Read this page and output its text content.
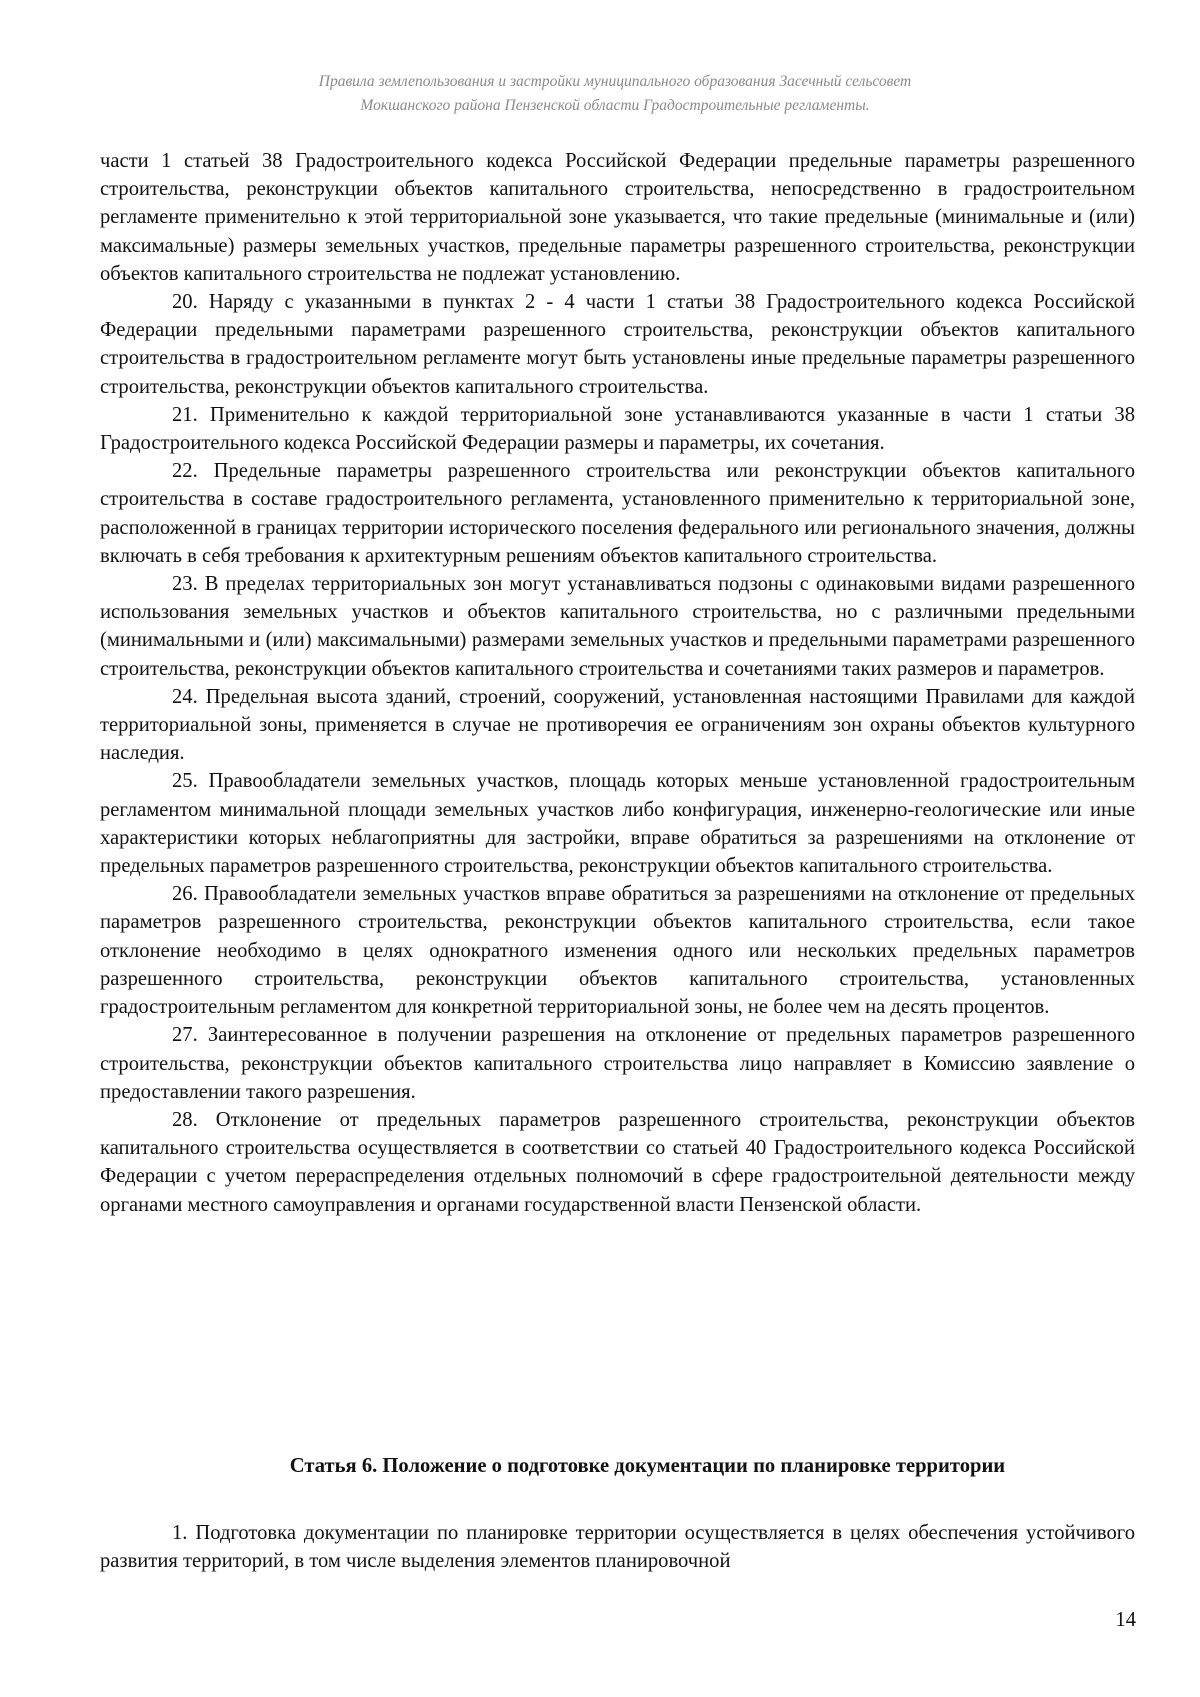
Правила землепользования и застройки муниципального образования Засечный сельсовет
Мокшанского района Пензенской области Градостроительные регламенты.

части 1 статьей 38 Градостроительного кодекса Российской Федерации предельные параметры разрешенного строительства, реконструкции объектов капитального строительства, непосредственно в градостроительном регламенте применительно к этой территориальной зоне указывается, что такие предельные (минимальные и (или) максимальные) размеры земельных участков, предельные параметры разрешенного строительства, реконструкции объектов капитального строительства не подлежат установлению.

20. Наряду с указанными в пунктах 2 - 4 части 1 статьи 38 Градостроительного кодекса Российской Федерации предельными параметрами разрешенного строительства, реконструкции объектов капитального строительства в градостроительном регламенте могут быть установлены иные предельные параметры разрешенного строительства, реконструкции объектов капитального строительства.

21. Применительно к каждой территориальной зоне устанавливаются указанные в части 1 статьи 38 Градостроительного кодекса Российской Федерации размеры и параметры, их сочетания.

22. Предельные параметры разрешенного строительства или реконструкции объектов капитального строительства в составе градостроительного регламента, установленного применительно к территориальной зоне, расположенной в границах территории исторического поселения федерального или регионального значения, должны включать в себя требования к архитектурным решениям объектов капитального строительства.

23. В пределах территориальных зон могут устанавливаться подзоны с одинаковыми видами разрешенного использования земельных участков и объектов капитального строительства, но с различными предельными (минимальными и (или) максимальными) размерами земельных участков и предельными параметрами разрешенного строительства, реконструкции объектов капитального строительства и сочетаниями таких размеров и параметров.

24. Предельная высота зданий, строений, сооружений, установленная настоящими Правилами для каждой территориальной зоны, применяется в случае не противоречия ее ограничениям зон охраны объектов культурного наследия.

25. Правообладатели земельных участков, площадь которых меньше установленной градостроительным регламентом минимальной площади земельных участков либо конфигурация, инженерно-геологические или иные характеристики которых неблагоприятны для застройки, вправе обратиться за разрешениями на отклонение от предельных параметров разрешенного строительства, реконструкции объектов капитального строительства.

26. Правообладатели земельных участков вправе обратиться за разрешениями на отклонение от предельных параметров разрешенного строительства, реконструкции объектов капитального строительства, если такое отклонение необходимо в целях однократного изменения одного или нескольких предельных параметров разрешенного строительства, реконструкции объектов капитального строительства, установленных градостроительным регламентом для конкретной территориальной зоны, не более чем на десять процентов.

27. Заинтересованное в получении разрешения на отклонение от предельных параметров разрешенного строительства, реконструкции объектов капитального строительства лицо направляет в Комиссию заявление о предоставлении такого разрешения.

28. Отклонение от предельных параметров разрешенного строительства, реконструкции объектов капитального строительства осуществляется в соответствии со статьей 40 Градостроительного кодекса Российской Федерации с учетом перераспределения отдельных полномочий в сфере градостроительной деятельности между органами местного самоуправления и органами государственной власти Пензенской области.

Статья 6. Положение о подготовке документации по планировке территории

1. Подготовка документации по планировке территории осуществляется в целях обеспечения устойчивого развития территорий, в том числе выделения элементов планировочной

14
